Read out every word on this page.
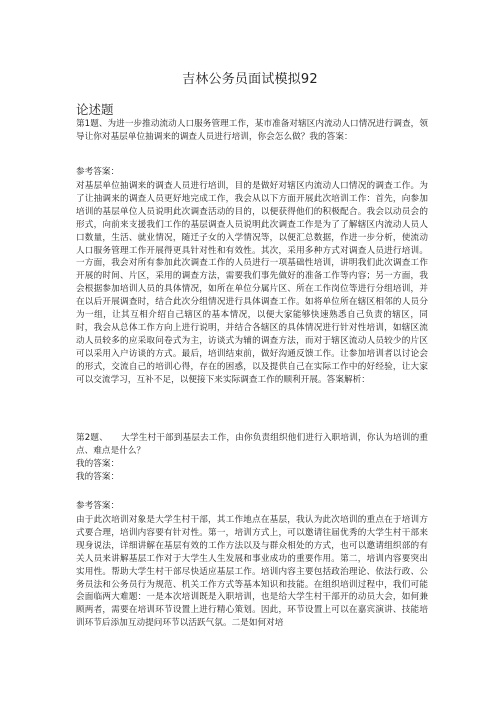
吉林公务员面试模拟92
论述题
第1题、为进一步推动流动人口服务管理工作，某市准备对辖区内流动人口情况进行调查，领导让你对基层单位抽调来的调查人员进行培训，你会怎么做？我的答案：
参考答案：
对基层单位抽调来的调查人员进行培训，目的是做好对辖区内流动人口情况的调查工作。为了让抽调来的调查人员更好地完成工作，我会从以下方面开展此次培训工作：首先，向参加培训的基层单位人员说明此次调查活动的目的，以便获得他们的积极配合。我会以动员会的形式，向前来支援我们工作的基层调查人员说明此次调查工作是为了了解辖区内流动人员人口数量，生活、就业情况，随迁子女的入学情况等，以便汇总数据，作进一步分析，使流动人口服务管理工作开展得更具针对性和有效性。其次，采用多种方式对调查人员进行培训。一方面，我会对所有参加此次调查工作的人员进行一项基础性培训，讲明我们此次调查工作开展的时间、片区，采用的调查方法，需要我们事先做好的准备工作等内容；另一方面，我会根据参加培训人员的具体情况，如所在单位分属片区、所在工作岗位等进行分组培训，并在以后开展调查时，结合此次分组情况进行具体调查工作。如将单位所在辖区相邻的人员分为一组，让其互相介绍自己辖区的基本情况，以便大家能够快速熟悉自己负责的辖区，同时，我会从总体工作方向上进行说明，并结合各辖区的具体情况进行针对性培训，如辖区流动人员较多的应采取问卷式为主，访谈式为辅的调查方法，而对于辖区流动人员较少的片区可以采用入户访谈的方式。最后，培训结束前，做好沟通反馈工作。让参加培训者以讨论会的形式，交流自己的培训心得，存在的困惑，以及提供自己在实际工作中的好经验，让大家可以交流学习，互补不足，以便接下来实际调查工作的顺利开展。答案解析：
第2题、　　大学生村干部到基层去工作，由你负责组织他们进行入职培训，你认为培训的重点、难点是什么？
我的答案：
我的答案：
参考答案：
由于此次培训对象是大学生村干部，其工作地点在基层，我认为此次培训的重点在于培训方式要合理，培训内容要有针对性。第一，培训方式上，可以邀请往届优秀的大学生村干部来现身说法，详细讲解在基层有效的工作方法以及与群众相处的方式，也可以邀请组织部的有关人员来讲解基层工作对于大学生人生发展和事业成功的重要作用。第二，培训内容要突出实用性。帮助大学生村干部尽快适应基层工作。培训内容主要包括政治理论、依法行政、公务员法和公务员行为规范、机关工作方式等基本知识和技能。在组织培训过程中，我们可能会面临两大难题：一是本次培训既是入职培训，也是给大学生村干部开的动员大会，如何兼顾两者，需要在培训环节设置上进行精心策划。因此，环节设置上可以在嘉宾演讲、技能培训环节后添加互动提问环节以活跃气氛。二是如何对培
